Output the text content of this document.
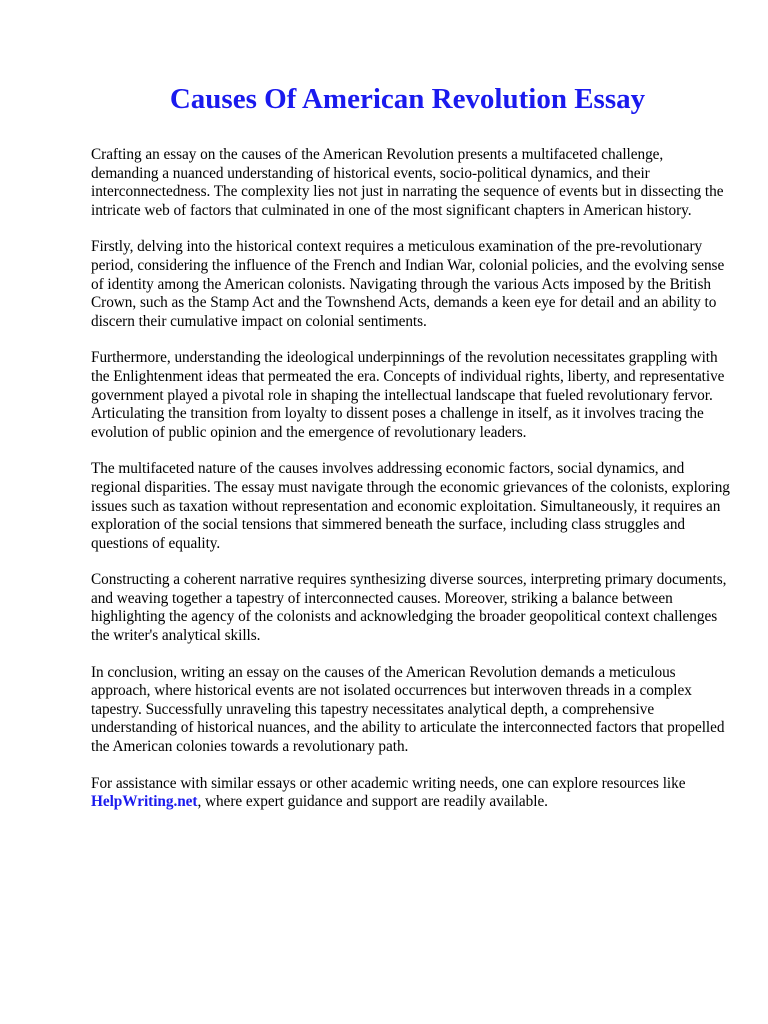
Causes Of American Revolution Essay

Crafting an essay on the causes of the American Revolution presents a multifaceted challenge, demanding a nuanced understanding of historical events, socio-political dynamics, and their interconnectedness. The complexity lies not just in narrating the sequence of events but in dissecting the intricate web of factors that culminated in one of the most significant chapters in American history.

Firstly, delving into the historical context requires a meticulous examination of the pre-revolutionary period, considering the influence of the French and Indian War, colonial policies, and the evolving sense of identity among the American colonists. Navigating through the various Acts imposed by the British Crown, such as the Stamp Act and the Townshend Acts, demands a keen eye for detail and an ability to discern their cumulative impact on colonial sentiments.

Furthermore, understanding the ideological underpinnings of the revolution necessitates grappling with the Enlightenment ideas that permeated the era. Concepts of individual rights, liberty, and representative government played a pivotal role in shaping the intellectual landscape that fueled revolutionary fervor. Articulating the transition from loyalty to dissent poses a challenge in itself, as it involves tracing the evolution of public opinion and the emergence of revolutionary leaders.

The multifaceted nature of the causes involves addressing economic factors, social dynamics, and regional disparities. The essay must navigate through the economic grievances of the colonists, exploring issues such as taxation without representation and economic exploitation. Simultaneously, it requires an exploration of the social tensions that simmered beneath the surface, including class struggles and questions of equality.

Constructing a coherent narrative requires synthesizing diverse sources, interpreting primary documents, and weaving together a tapestry of interconnected causes. Moreover, striking a balance between highlighting the agency of the colonists and acknowledging the broader geopolitical context challenges the writer's analytical skills.

In conclusion, writing an essay on the causes of the American Revolution demands a meticulous approach, where historical events are not isolated occurrences but interwoven threads in a complex tapestry. Successfully unraveling this tapestry necessitates analytical depth, a comprehensive understanding of historical nuances, and the ability to articulate the interconnected factors that propelled the American colonies towards a revolutionary path.

For assistance with similar essays or other academic writing needs, one can explore resources like HelpWriting.net, where expert guidance and support are readily available.
